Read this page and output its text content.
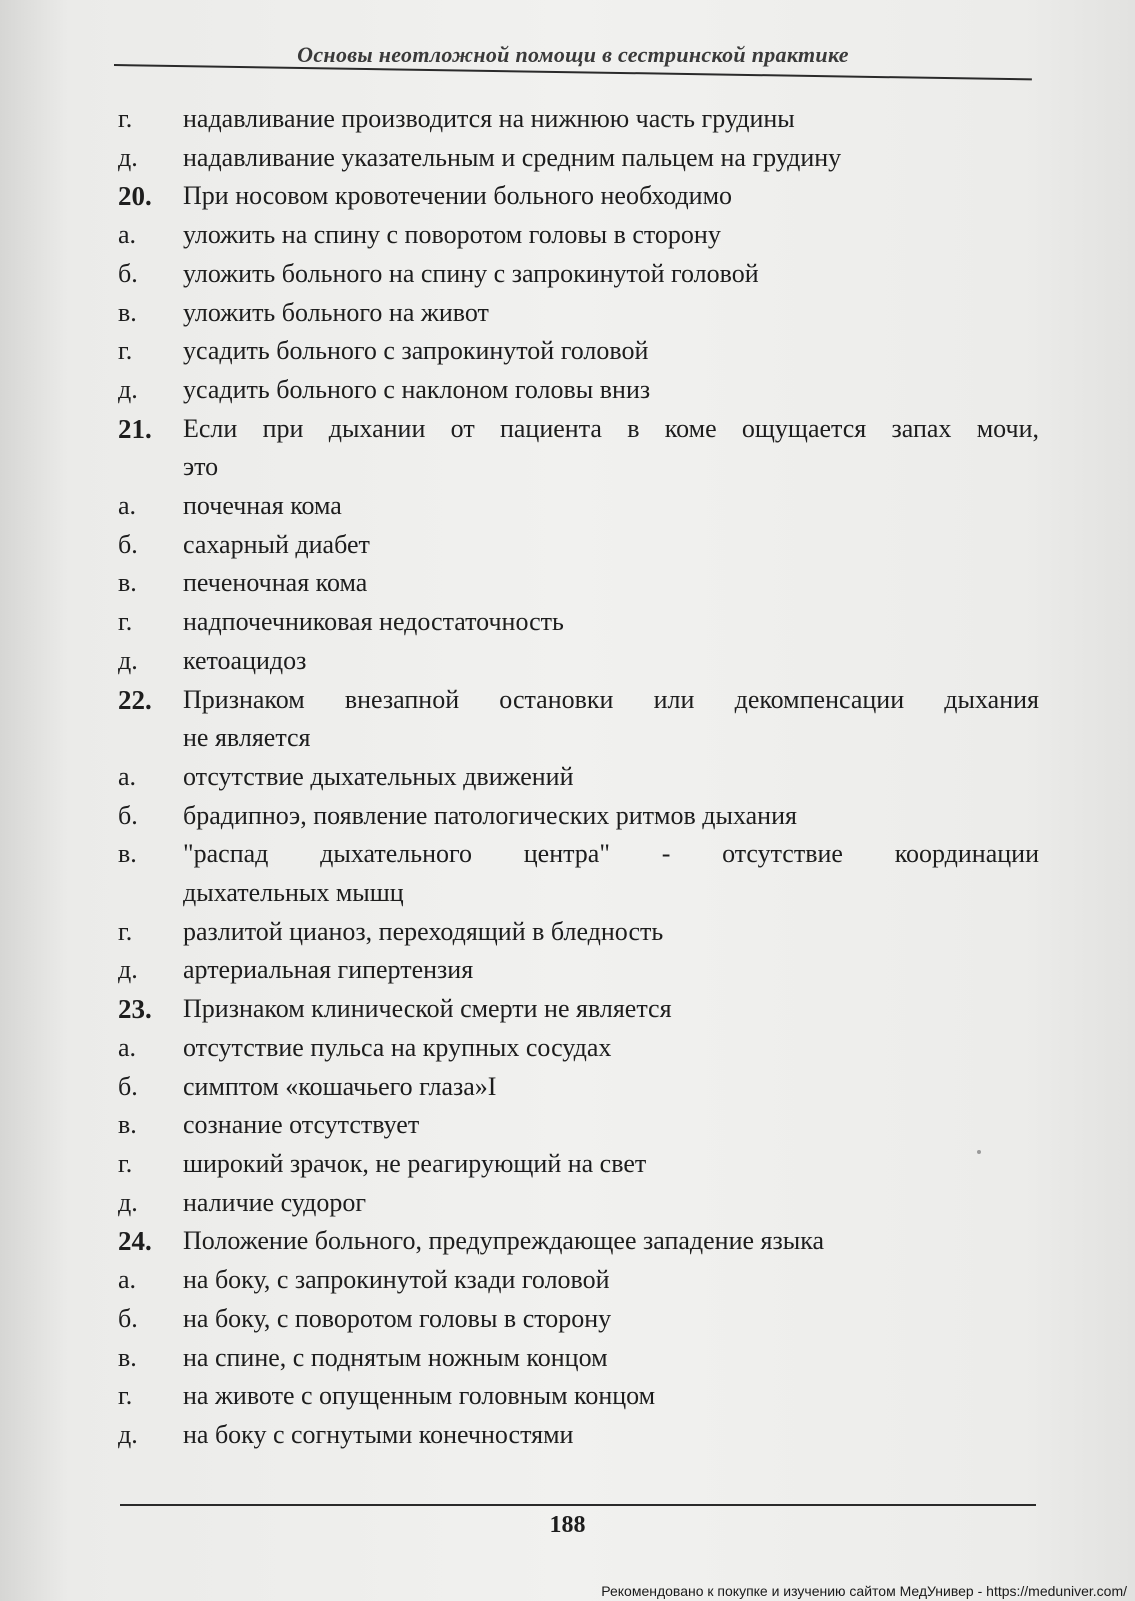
Основы неотложной помощи в сестринской практике
г.	надавливание производится на нижнюю часть грудины
д.	надавливание указательным и средним пальцем на грудину
20.	При носовом кровотечении больного необходимо
а.	уложить на спину с поворотом головы в сторону
б.	уложить больного на спину с запрокинутой головой
в.	уложить больного на живот
г.	усадить больного с запрокинутой головой
д.	усадить больного с наклоном головы вниз
21.	Если при дыхании от пациента в коме ощущается запах мочи,
это
а.	почечная кома
б.	сахарный диабет
в.	печеночная кома
г.	надпочечниковая недостаточность
д.	кетоацидоз
22.	Признаком внезапной остановки или декомпенсации дыхания
не является
а.	отсутствие дыхательных движений
б.	брадипноэ, появление патологических ритмов дыхания
в.	"распад дыхательного центра" - отсутствие координации
дыхательных мышц
г.	разлитой цианоз, переходящий в бледность
д.	артериальная гипертензия
23.	Признаком клинической смерти не является
а.	отсутствие пульса на крупных сосудах
б.	симптом «кошачьего глаза»I
в.	сознание отсутствует
г.	широкий зрачок, не реагирующий на свет
д.	наличие судорог
24.	Положение больного, предупреждающее западение языка
а.	на боку, с запрокинутой кзади головой
б.	на боку, с поворотом головы в сторону
в.	на спине, с поднятым ножным концом
г.	на животе с опущенным головным концом
д.	на боку с согнутыми конечностями
188
Рекомендовано к покупке и изучению сайтом МедУнивер - https://meduniver.com/
